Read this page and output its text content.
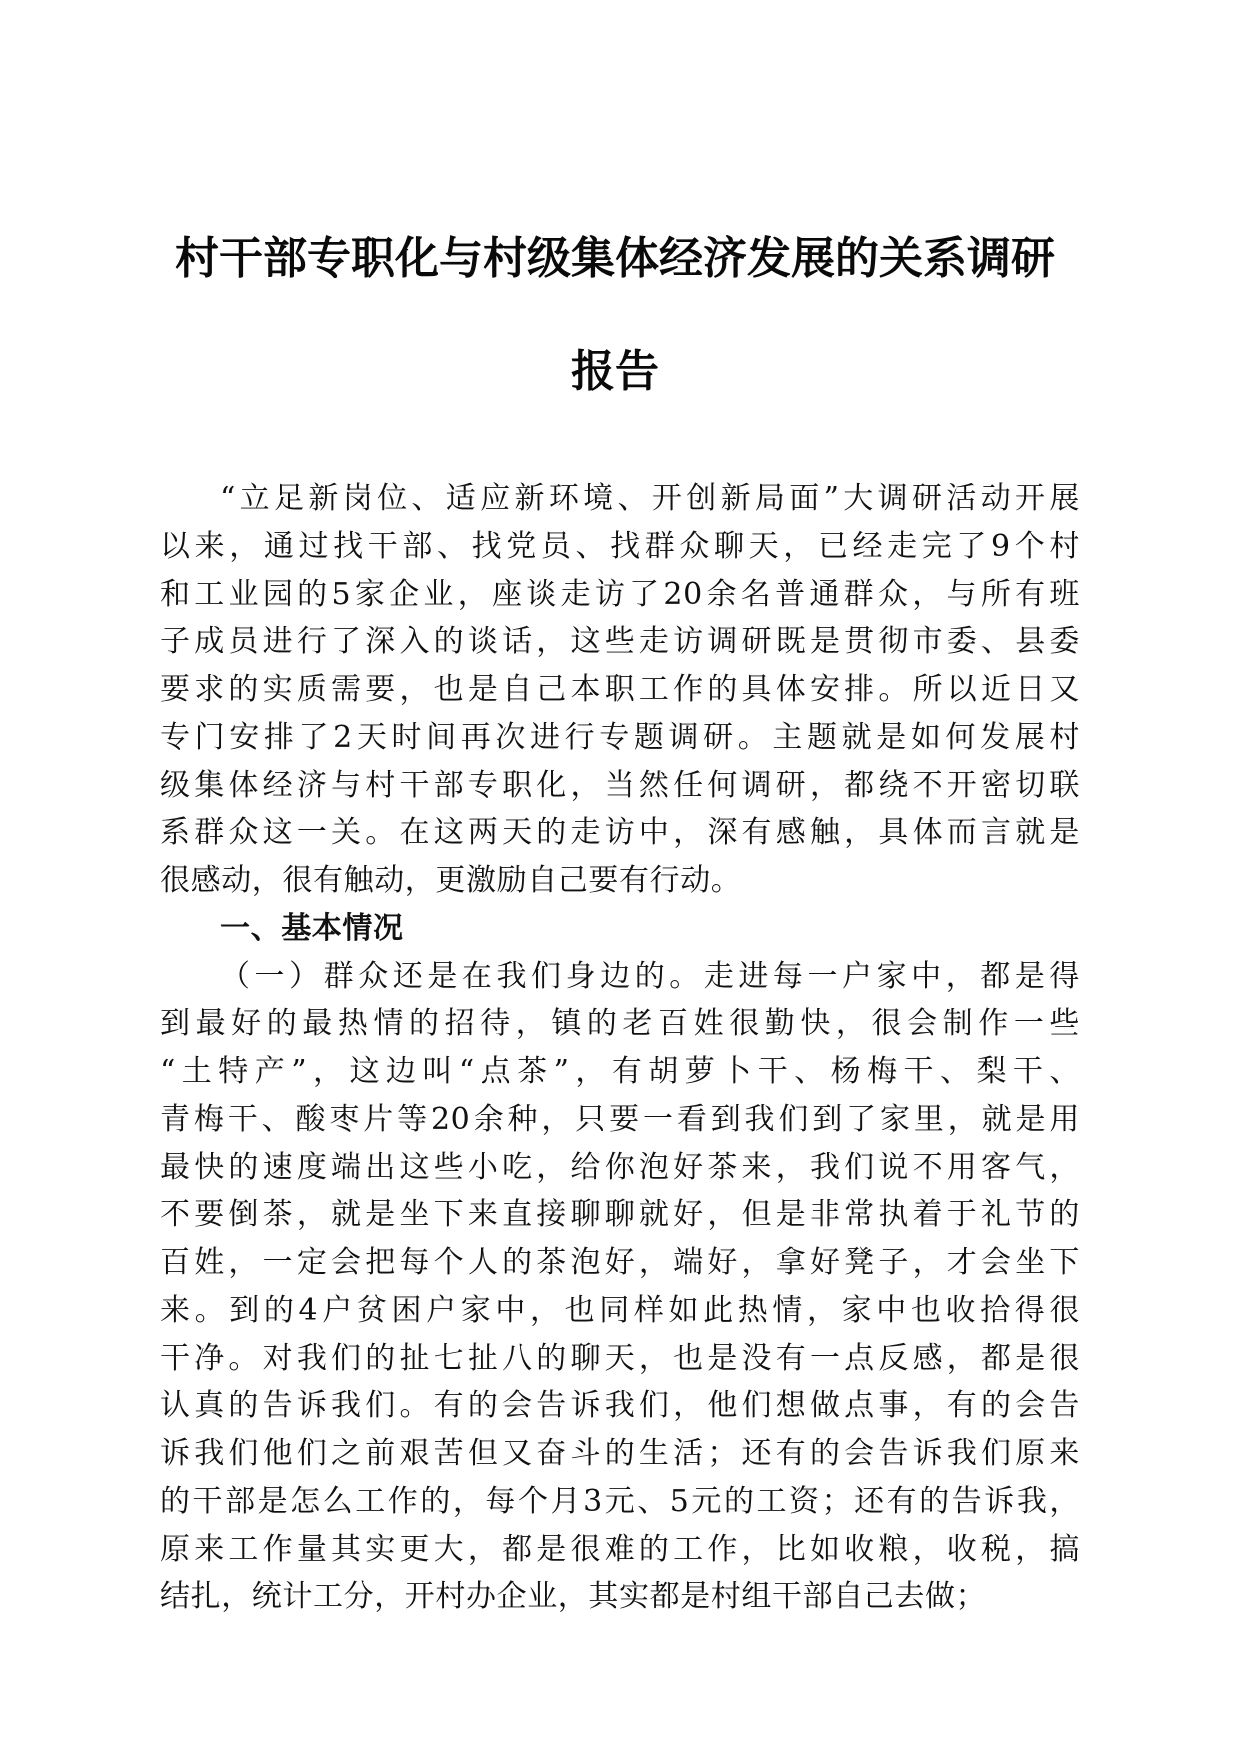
村干部专职化与村级集体经济发展的关系调研
报告
“立足新岗位、适应新环境、开创新局面”大调研活动开展
以来，通过找干部、找党员、找群众聊天，已经走完了9个村
和工业园的5家企业，座谈走访了20余名普通群众，与所有班
子成员进行了深入的谈话，这些走访调研既是贯彻市委、县委
要求的实质需要，也是自己本职工作的具体安排。所以近日又
专门安排了2天时间再次进行专题调研。主题就是如何发展村
级集体经济与村干部专职化，当然任何调研，都绕不开密切联
系群众这一关。在这两天的走访中，深有感触，具体而言就是
很感动，很有触动，更激励自己要有行动。
一、基本情况
（一）群众还是在我们身边的。走进每一户家中，都是得
到最好的最热情的招待，镇的老百姓很勤快，很会制作一些
“土特产”，这边叫“点茶”，有胡萝卜干、杨梅干、梨干、
青梅干、酸枣片等20余种，只要一看到我们到了家里，就是用
最快的速度端出这些小吃，给你泡好茶来，我们说不用客气，
不要倒茶，就是坐下来直接聊聊就好，但是非常执着于礼节的
百姓，一定会把每个人的茶泡好，端好，拿好凳子，才会坐下
来。到的4户贫困户家中，也同样如此热情，家中也收拾得很
干净。对我们的扯七扯八的聊天，也是没有一点反感，都是很
认真的告诉我们。有的会告诉我们，他们想做点事，有的会告
诉我们他们之前艰苦但又奋斗的生活；还有的会告诉我们原来
的干部是怎么工作的，每个月3元、5元的工资；还有的告诉我，
原来工作量其实更大，都是很难的工作，比如收粮，收税，搞
结扎，统计工分，开村办企业，其实都是村组干部自己去做；
